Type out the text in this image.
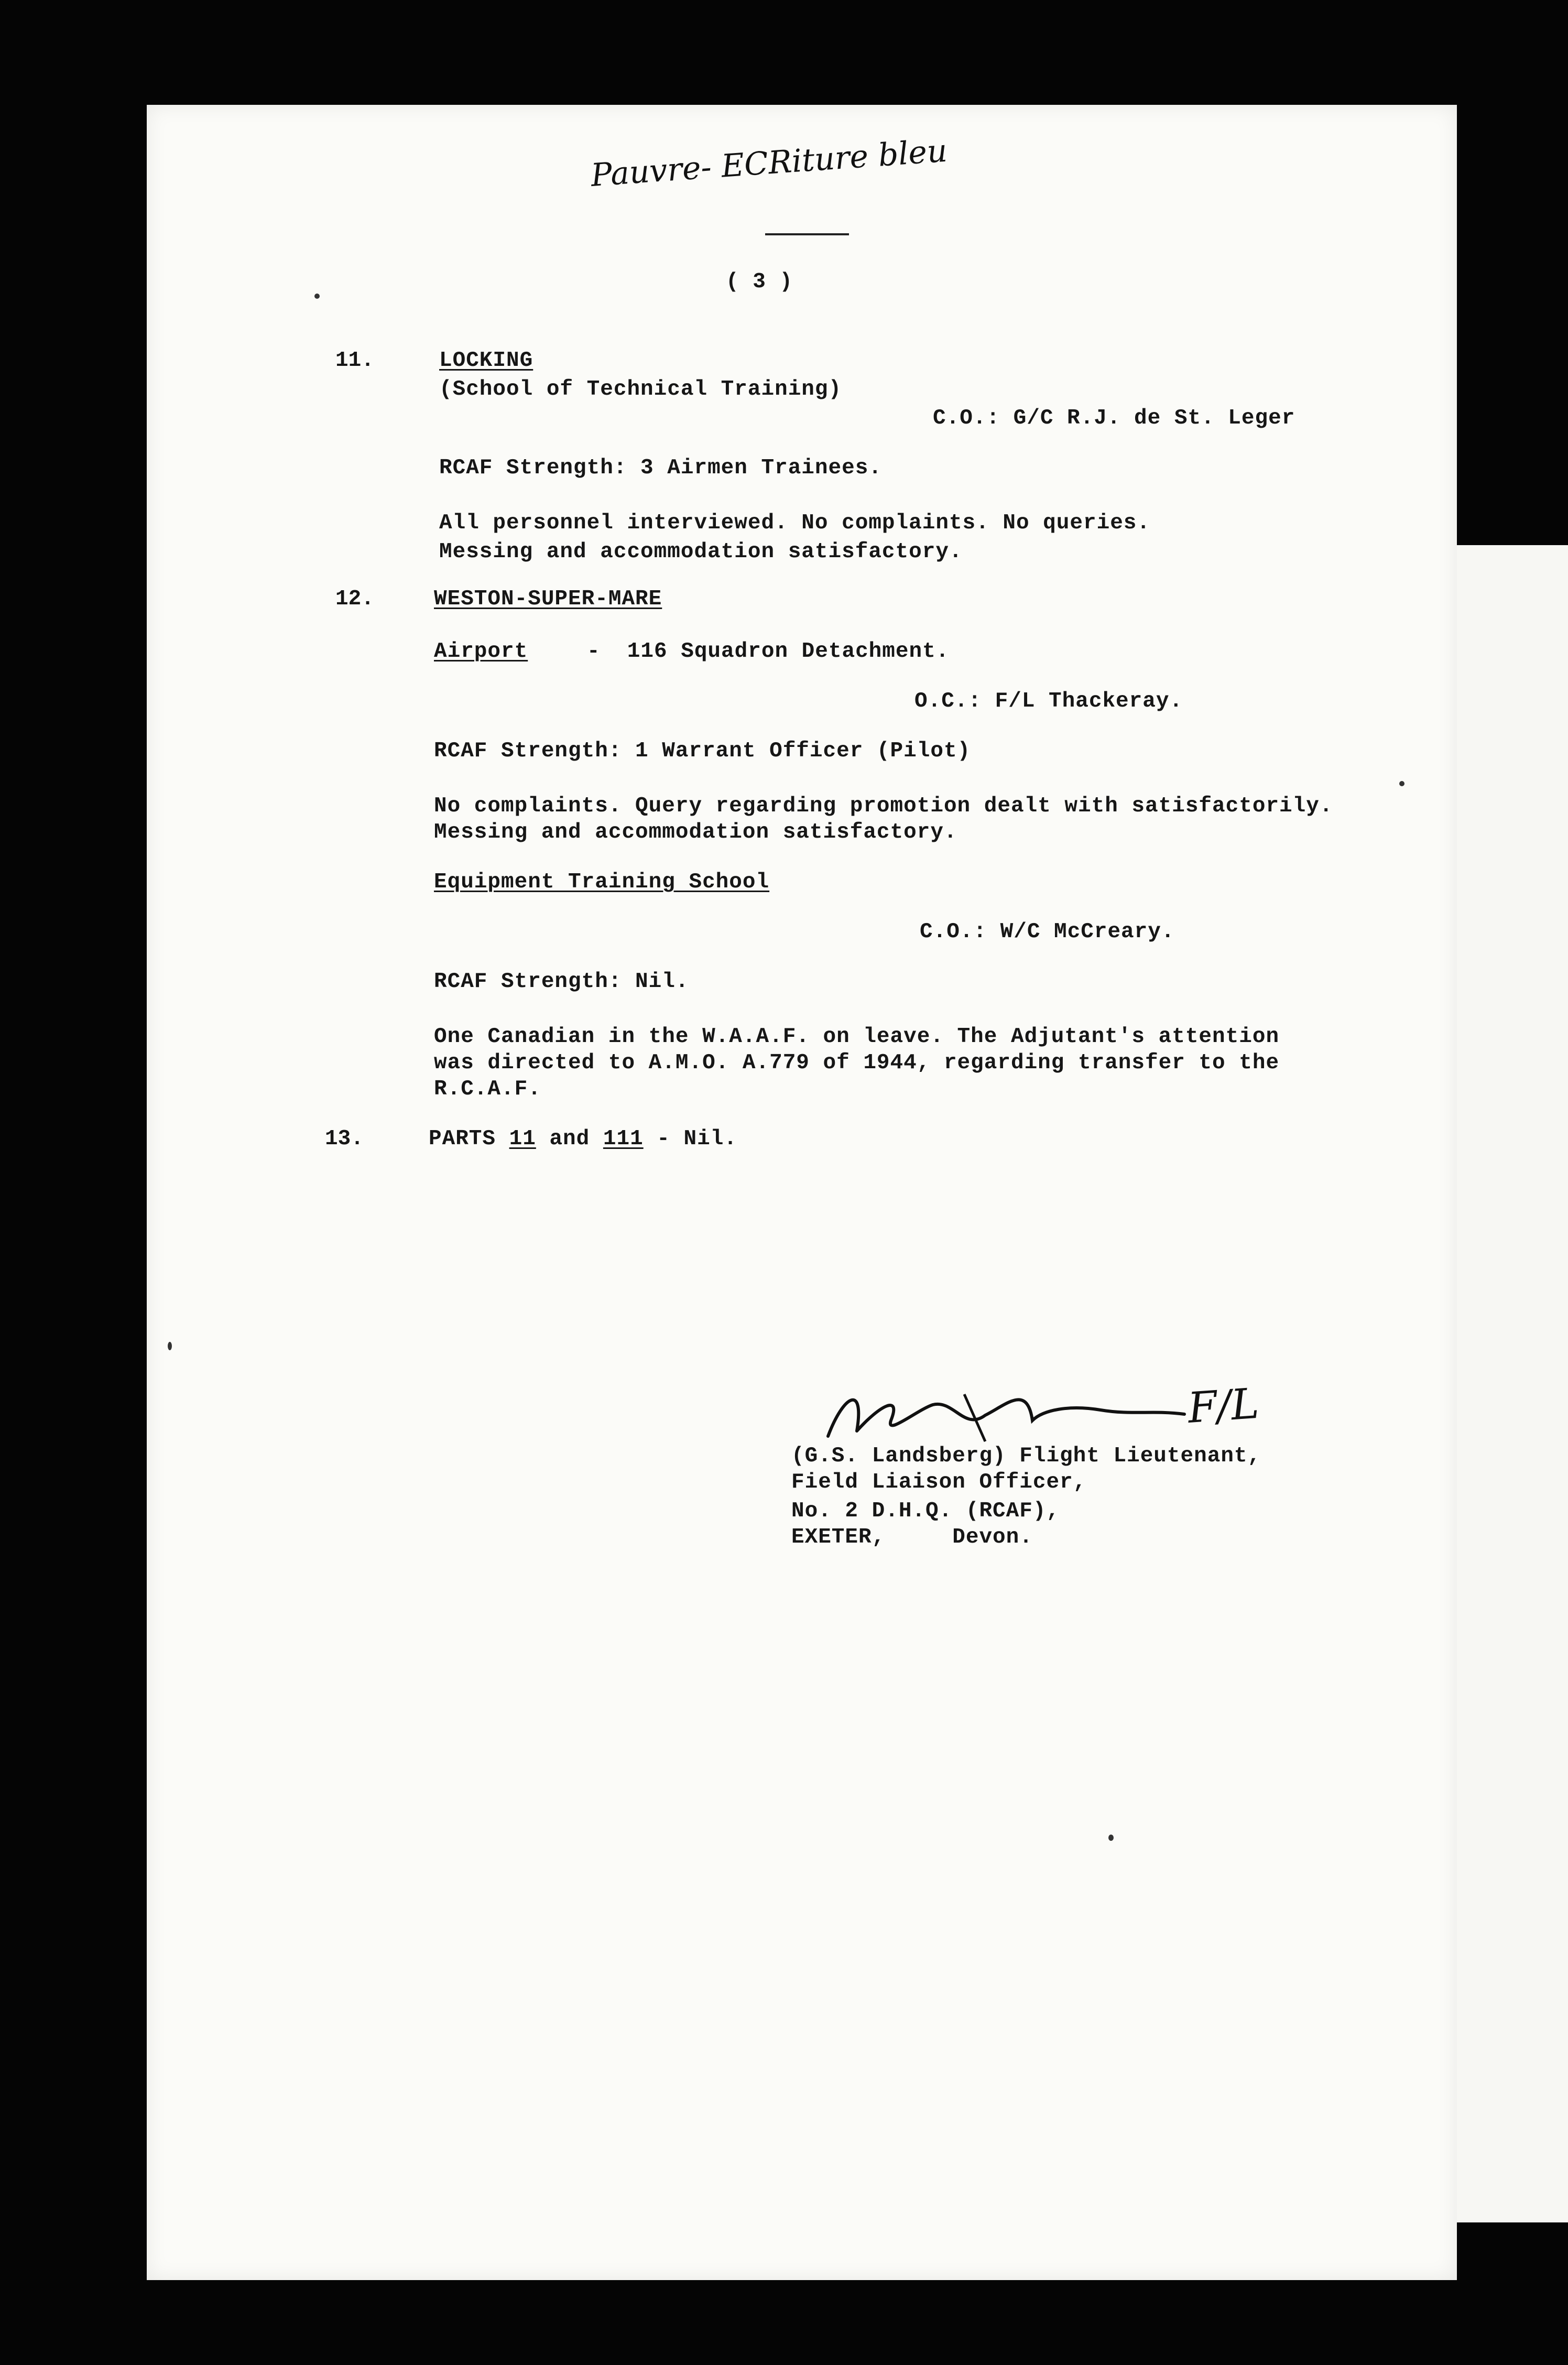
Pauvre- ECRiture bleu
( 3 )
11.	LOCKING
(School of Technical Training)
C.O.: G/C R.J. de St. Leger
RCAF Strength: 3 Airmen Trainees.
All personnel interviewed. No complaints. No queries.
Messing and accommodation satisfactory.
12.	WESTON-SUPER-MARE
Airport	-  116 Squadron Detachment.
O.C.: F/L Thackeray.
RCAF Strength: 1 Warrant Officer (Pilot)
No complaints. Query regarding promotion dealt with satisfactorily.
Messing and accommodation satisfactory.
Equipment Training School
C.O.: W/C McCreary.
RCAF Strength: Nil.
One Canadian in the W.A.A.F. on leave. The Adjutant's attention
was directed to A.M.O. A.779 of 1944, regarding transfer to the
R.C.A.F.
13.	PARTS 11 and 111 - Nil.
F/L
(G.S. Landsberg) Flight Lieutenant,
Field Liaison Officer,
No. 2 D.H.Q. (RCAF),
EXETER,     Devon.
